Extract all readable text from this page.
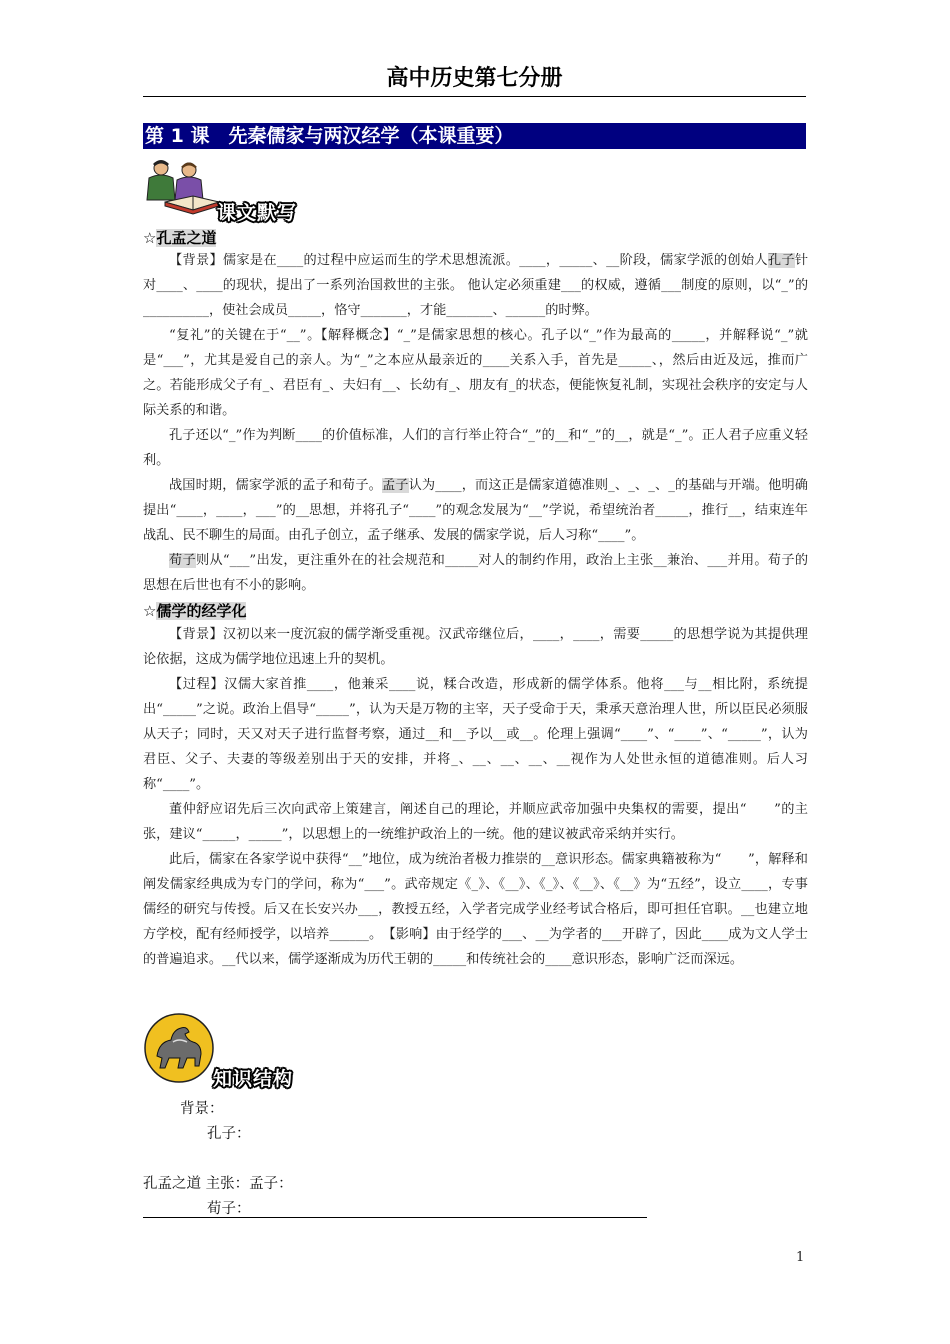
高中历史第七分册
第 1 课　先秦儒家与两汉经学（本课重要）
课文默写
☆孔孟之道

【背景】儒家是在____的过程中应运而生的学术思想流派。____，_____、__阶段，儒家学派的创始人孔子针对____、____的现状，提出了一系列治国救世的主张。 他认定必须重建___的权威，遵循___制度的原则，以“_”的__________，使社会成员_____，恪守_______，才能_______、______的时弊。

“复礼”的关键在于“__”。【解释概念】“_”是儒家思想的核心。孔子以“_”作为最高的_____，并解释说“_”就是“___”，尤其是爱自己的亲人。为“_”之本应从最亲近的____关系入手，首先是_____、，然后由近及远，推而广之。若能形成父子有_、君臣有_、夫妇有__、长幼有_、朋友有_的状态，便能恢复礼制，实现社会秩序的安定与人际关系的和谐。

孔子还以“_”作为判断____的价值标准，人们的言行举止符合“_”的__和“_”的__，就是“_”。正人君子应重义轻利。

战国时期，儒家学派的孟子和荀子。孟子认为____，而这正是儒家道德准则_、_、_、_的基础与开端。他明确提出“____，____，___”的__思想，并将孔子“____”的观念发展为“__”学说，希望统治者_____，推行__，结束连年战乱、民不聊生的局面。由孔子创立，孟子继承、发展的儒家学说，后人习称“____”。

荀子则从“___”出发，更注重外在的社会规范和_____对人的制约作用，政治上主张__兼治、___并用。荀子的思想在后世也有不小的影响。

☆儒学的经学化

【背景】汉初以来一度沉寂的儒学渐受重视。汉武帝继位后，____，____，需要_____的思想学说为其提供理论依据，这成为儒学地位迅速上升的契机。

【过程】汉儒大家首推____，他兼采____说，糅合改造，形成新的儒学体系。他将___与__相比附，系统提出“_____”之说。政治上倡导“_____”，认为天是万物的主宰，天子受命于天，秉承天意治理人世，所以臣民必须服从天子；同时，天又对天子进行监督考察，通过__和__予以__或__。伦理上强调“____”、“____”、“_____”，认为君臣、父子、夫妻的等级差别出于天的安排，并将_、__、__、__、__视作为人处世永恒的道德准则。后人习称“____”。

董仲舒应诏先后三次向武帝上策建言，阐述自己的理论，并顺应武帝加强中央集权的需要，提出“　　”的主张，建议“_____，_____”，以思想上的一统维护政治上的一统。他的建议被武帝采纳并实行。

此后，儒家在各家学说中获得“__”地位，成为统治者极力推崇的__意识形态。儒家典籍被称为“　　”，解释和阐发儒家经典成为专门的学问，称为“___”。武帝规定《_》、《__》、《_》、《__》、《__》为“五经”，设立____，专事儒经的研究与传授。后又在长安兴办___，教授五经，入学者完成学业经考试合格后，即可担任官职。__也建立地方学校，配有经师授学，以培养______。　【影响】由于经学的___、__为学者的___开辟了，因此____成为文人学士的普遍追求。__代以来，儒学逐渐成为历代王朝的_____和传统社会的____意识形态，影响广泛而深远。

知识结构
背景：
孔子：
孔孟之道 主张：孟子：
荀子：
1
